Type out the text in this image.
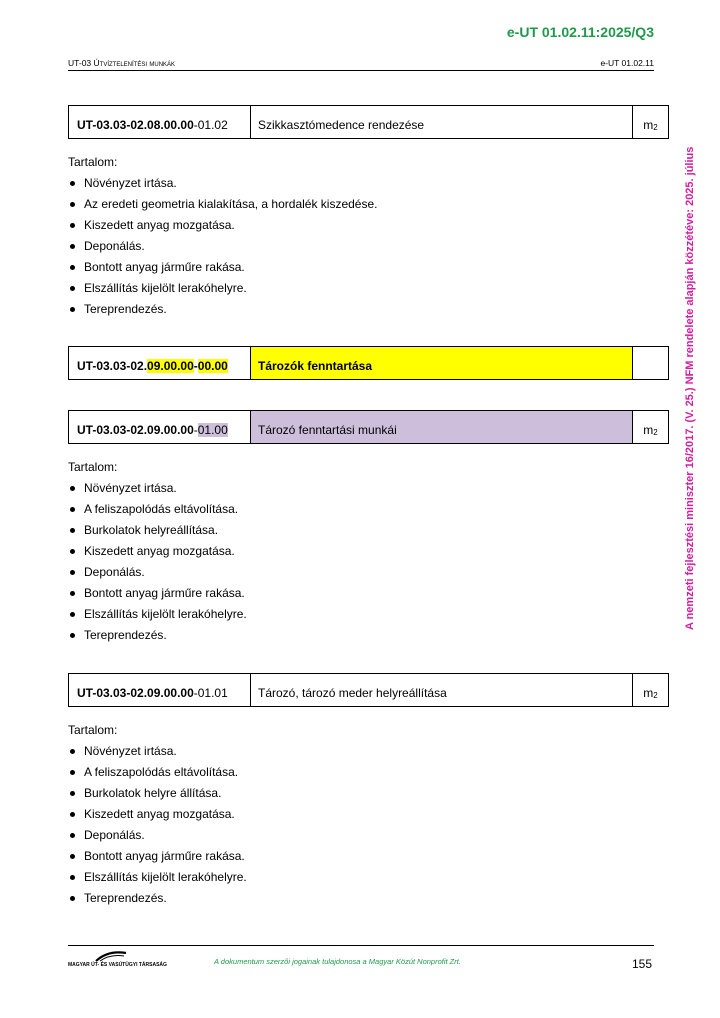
e-UT 01.02.11:2025/Q3
UT-03 Útvíztelenítési munkák	e-UT 01.02.11
A nemzeti fejlesztési miniszter 16/2017. (V. 25.) NFM rendelete alapján közzétéve: 2025. július
UT-03.03-02.08.00.00 -01.02	Szikkasztómedence rendezése	$m_2$
Tartalom:
Növényzet irtása.
Az eredeti geometria kialakítása, a hordalék kiszedése.
Kiszedett anyag mozgatása.
Deponálás.
Bontott anyag járműre rakása.
Elszállítás kijelölt lerakóhelyre.
Tereprendezés.
UT-03.03-02. 09.00.00 - 00.00	Tározók fenntartása
UT-03.03-02.09.00.00 - 01.00	Tározó fenntartási munkái	$m_2$
Tartalom:
Növényzet irtása.
A feliszapolódás eltávolítása.
Burkolatok helyreállítása.
Kiszedett anyag mozgatása.
Deponálás.
Bontott anyag járműre rakása.
Elszállítás kijelölt lerakóhelyre.
Tereprendezés.
UT-03.03-02.09.00.00 -01.01	Tározó, tározó meder helyreállítása	$m_2$
Tartalom:
Növényzet irtása.
A feliszapolódás eltávolítása.
Burkolatok helyre állítása.
Kiszedett anyag mozgatása.
Deponálás.
Bontott anyag járműre rakása.
Elszállítás kijelölt lerakóhelyre.
Tereprendezés.
MAGYAR ÚT- ÉS VASÚTÜGYI TÁRSASÁG	A dokumentum szerzői jogainak tulajdonosa a Magyar Közút Nonprofit Zrt.	155
